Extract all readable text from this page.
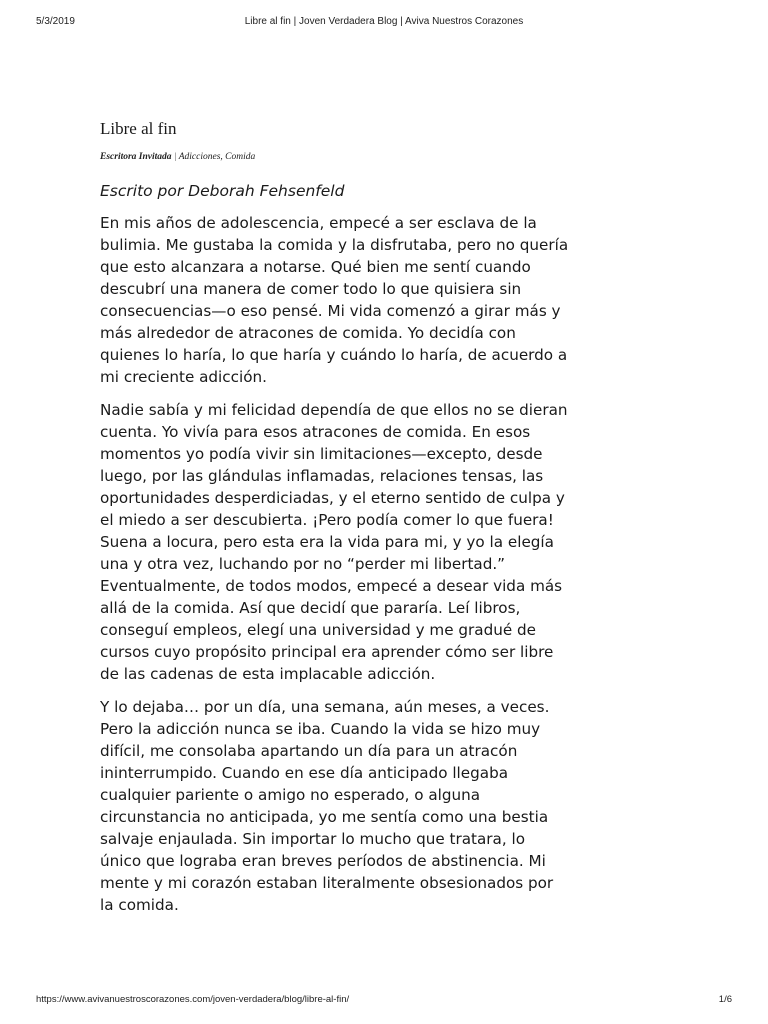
5/3/2019	Libre al fin | Joven Verdadera Blog | Aviva Nuestros Corazones
Libre al fin
Escritora Invitada | Adicciones, Comida

Escrito por Deborah Fehsenfeld

En mis años de adolescencia, empecé a ser esclava de la bulimia. Me gustaba la comida y la disfrutaba, pero no quería que esto alcanzara a notarse. Qué bien me sentí cuando descubrí una manera de comer todo lo que quisiera sin consecuencias—o eso pensé. Mi vida comenzó a girar más y más alrededor de atracones de comida. Yo decidía con quienes lo haría, lo que haría y cuándo lo haría, de acuerdo a mi creciente adicción.

Nadie sabía y mi felicidad dependía de que ellos no se dieran cuenta. Yo vivía para esos atracones de comida. En esos momentos yo podía vivir sin limitaciones—excepto, desde luego, por las glándulas inflamadas, relaciones tensas, las oportunidades desperdiciadas, y el eterno sentido de culpa y el miedo a ser descubierta. ¡Pero podía comer lo que fuera! Suena a locura, pero esta era la vida para mi, y yo la elegía una y otra vez, luchando por no “perder mi libertad.” Eventualmente, de todos modos, empecé a desear vida más allá de la comida. Así que decidí que pararía. Leí libros, conseguí empleos, elegí una universidad y me gradué de cursos cuyo propósito principal era aprender cómo ser libre de las cadenas de esta implacable adicción.

Y lo dejaba… por un día, una semana, aún meses, a veces. Pero la adicción nunca se iba. Cuando la vida se hizo muy difícil, me consolaba apartando un día para un atracón ininterrumpido. Cuando en ese día anticipado llegaba cualquier pariente o amigo no esperado, o alguna circunstancia no anticipada, yo me sentía como una bestia salvaje enjaulada. Sin importar lo mucho que tratara, lo único que lograba eran breves períodos de abstinencia. Mi mente y mi corazón estaban literalmente obsesionados por la comida.

https://www.avivanuestroscorazones.com/joven-verdadera/blog/libre-al-fin/	1/6
